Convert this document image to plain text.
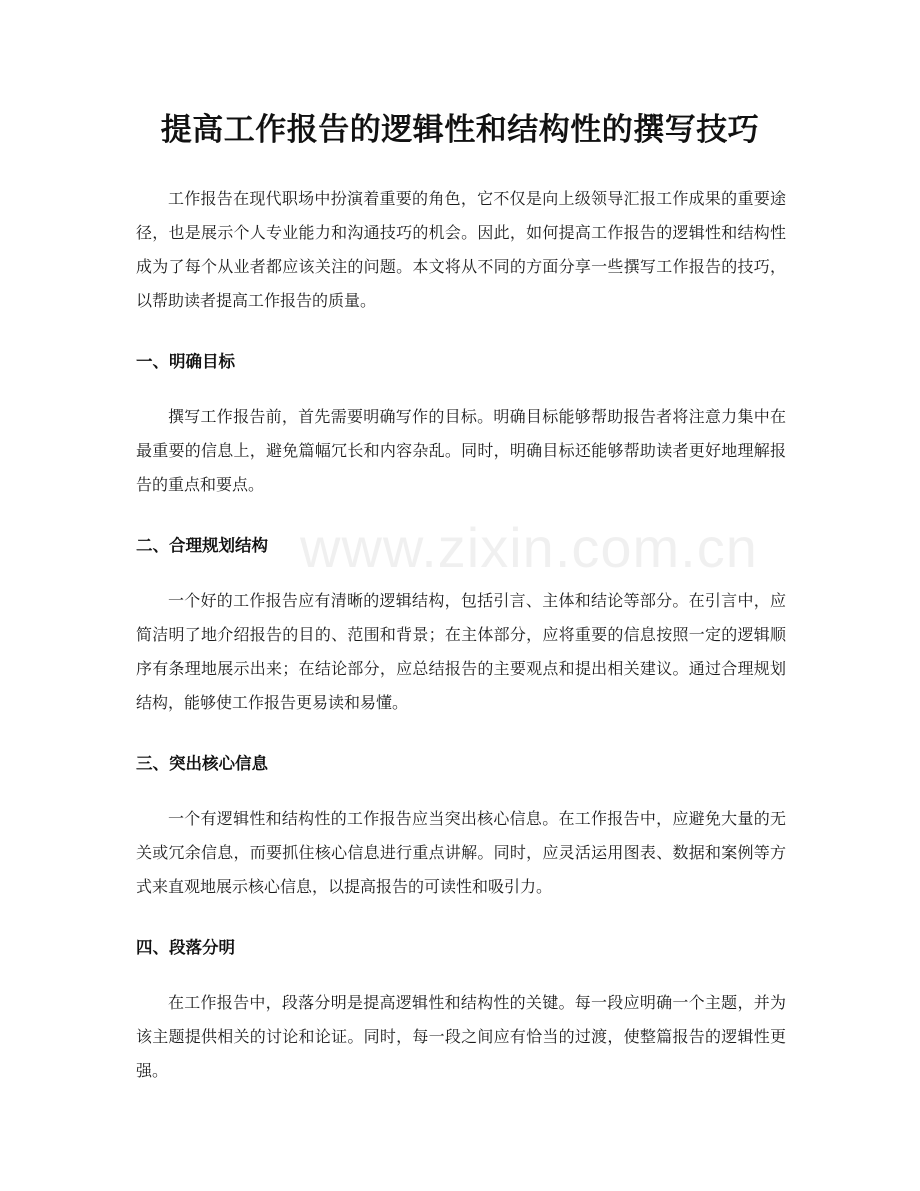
www.zixin.com.cn
提高工作报告的逻辑性和结构性的撰写技巧

工作报告在现代职场中扮演着重要的角色，它不仅是向上级领导汇报工作成果的重要途径，也是展示个人专业能力和沟通技巧的机会。因此，如何提高工作报告的逻辑性和结构性成为了每个从业者都应该关注的问题。本文将从不同的方面分享一些撰写工作报告的技巧，以帮助读者提高工作报告的质量。

一、明确目标

撰写工作报告前，首先需要明确写作的目标。明确目标能够帮助报告者将注意力集中在最重要的信息上，避免篇幅冗长和内容杂乱。同时，明确目标还能够帮助读者更好地理解报告的重点和要点。

二、合理规划结构

一个好的工作报告应有清晰的逻辑结构，包括引言、主体和结论等部分。在引言中，应简洁明了地介绍报告的目的、范围和背景；在主体部分，应将重要的信息按照一定的逻辑顺序有条理地展示出来；在结论部分，应总结报告的主要观点和提出相关建议。通过合理规划结构，能够使工作报告更易读和易懂。

三、突出核心信息

一个有逻辑性和结构性的工作报告应当突出核心信息。在工作报告中，应避免大量的无关或冗余信息，而要抓住核心信息进行重点讲解。同时，应灵活运用图表、数据和案例等方式来直观地展示核心信息，以提高报告的可读性和吸引力。

四、段落分明

在工作报告中，段落分明是提高逻辑性和结构性的关键。每一段应明确一个主题，并为该主题提供相关的讨论和论证。同时，每一段之间应有恰当的过渡，使整篇报告的逻辑性更强。
